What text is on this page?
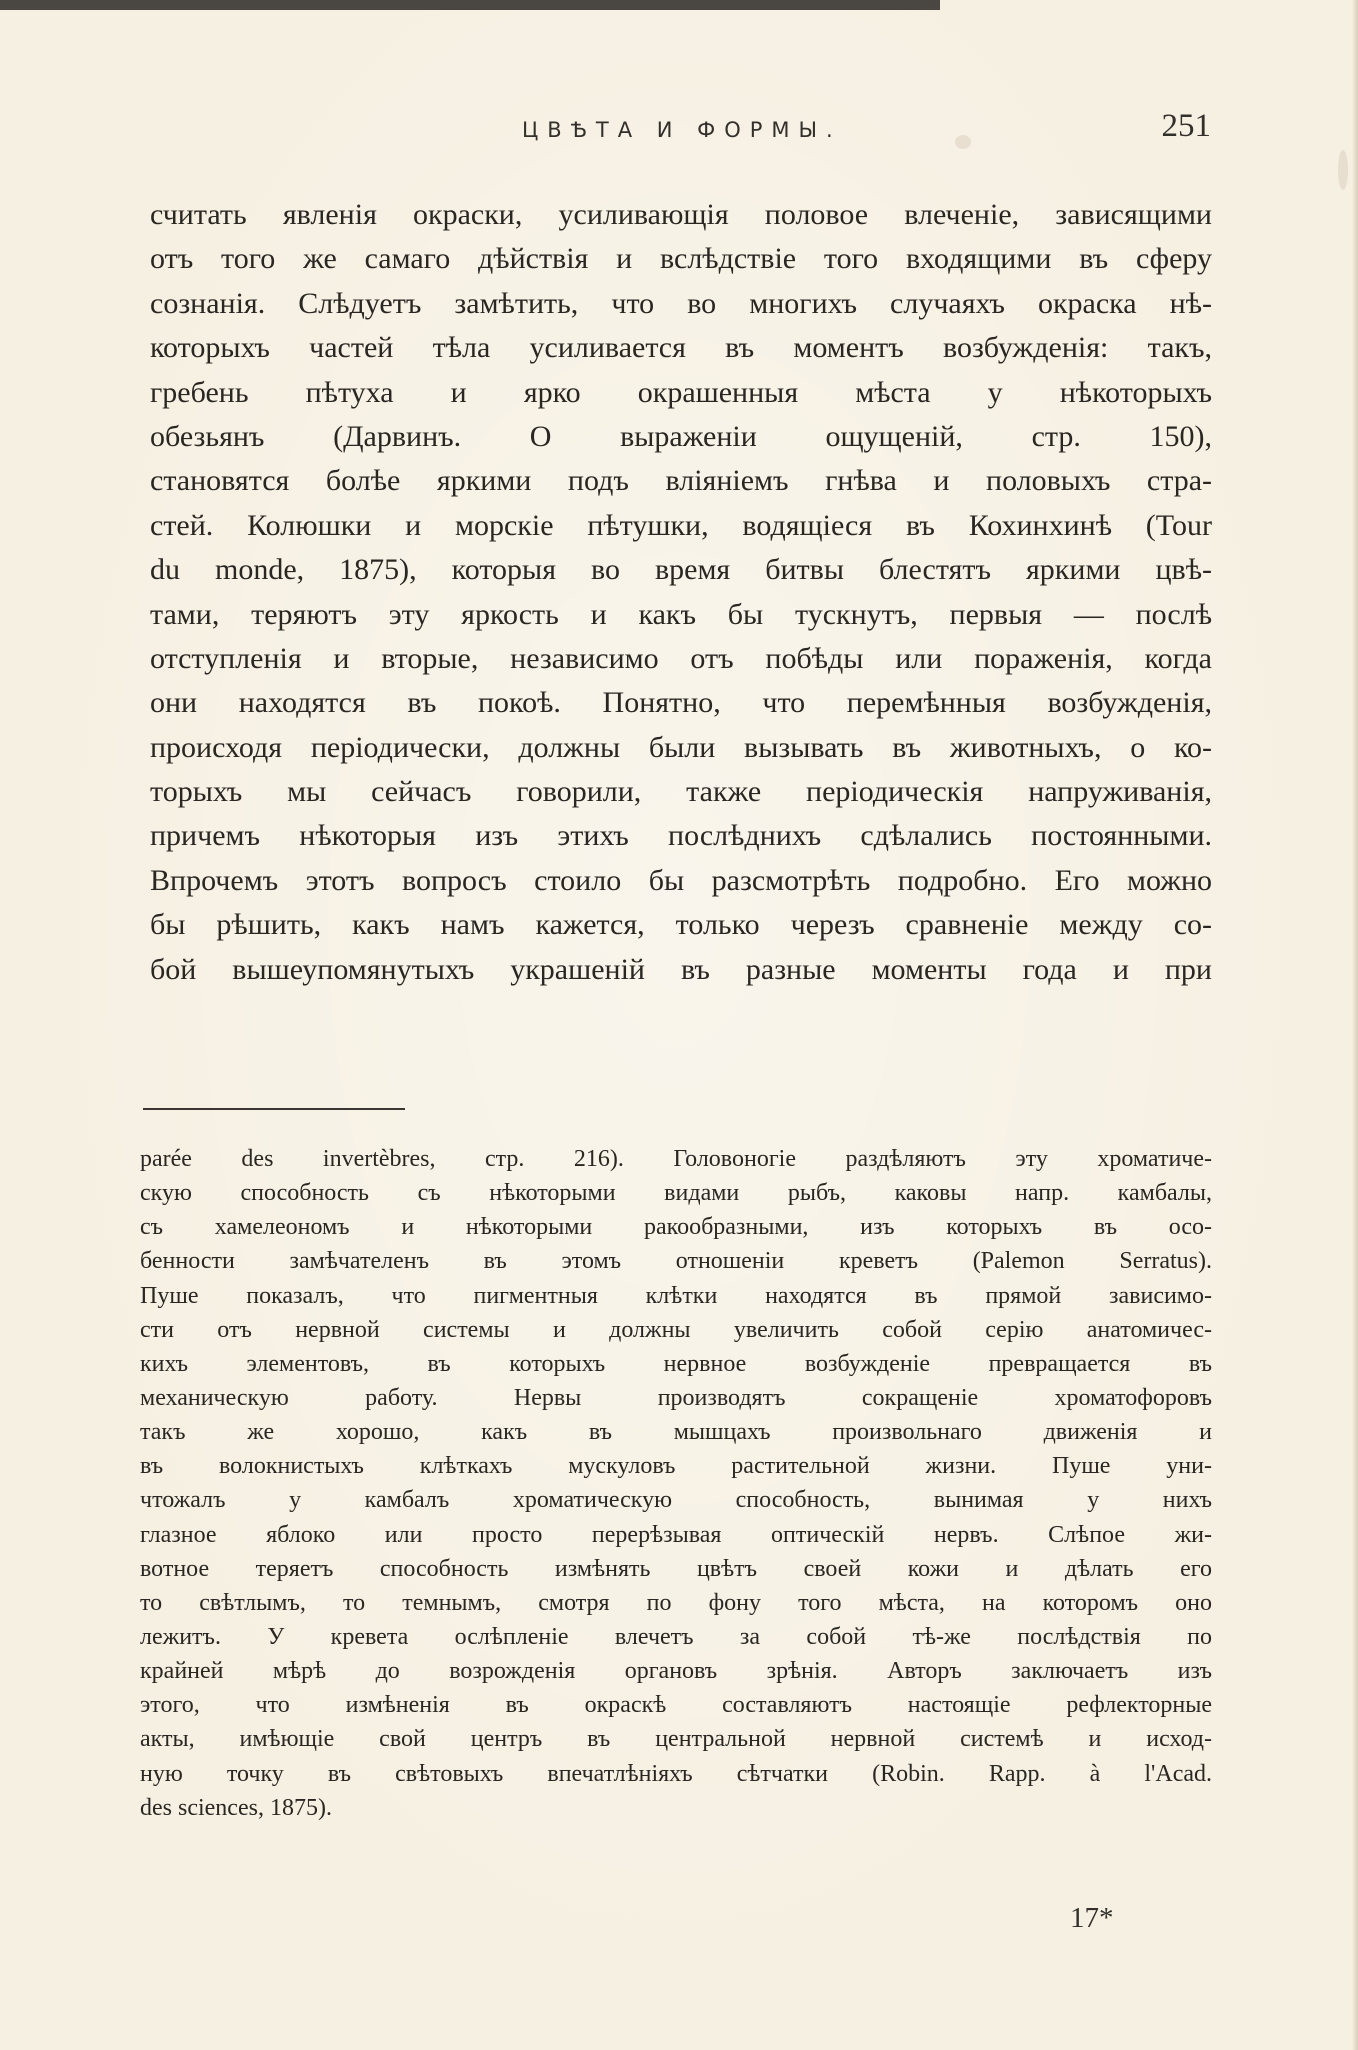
ЦВѢТА И ФОРМЫ.	251
считать явленія окраски, усиливающія половое влеченіе, зависящими
отъ того же самаго дѣйствія и вслѣдствіе того входящими въ сферу
сознанія. Слѣдуетъ замѣтить, что во многихъ случаяхъ окраска нѣ-
которыхъ частей тѣла усиливается въ моментъ возбужденія: такъ,
гребень пѣтуха и ярко окрашенныя мѣста у нѣкоторыхъ
обезьянъ (Дарвинъ. О выраженіи ощущеній, стр. 150),
становятся болѣе яркими подъ вліяніемъ гнѣва и половыхъ стра-
стей. Колюшки и морскіе пѣтушки, водящіеся въ Кохинхинѣ (Tour
du monde, 1875), которыя во время битвы блестятъ яркими цвѣ-
тами, теряютъ эту яркость и какъ бы тускнутъ, первыя — послѣ
отступленія и вторые, независимо отъ побѣды или пораженія, когда
они находятся въ покоѣ. Понятно, что перемѣнныя возбужденія,
происходя періодически, должны были вызывать въ животныхъ, о ко-
торыхъ мы сейчасъ говорили, также періодическія напруживанія,
причемъ нѣкоторыя изъ этихъ послѣднихъ сдѣлались постоянными.
Впрочемъ этотъ вопросъ стоило бы разсмотрѣть подробно. Его можно
бы рѣшить, какъ намъ кажется, только черезъ сравненіе между со-
бой вышеупомянутыхъ украшеній въ разные моменты года и при
parée des invertèbres, стр. 216). Головоногіе раздѣляютъ эту хроматиче-
скую способность съ нѣкоторыми видами рыбъ, каковы напр. камбалы,
съ хамелеономъ и нѣкоторыми ракообразными, изъ которыхъ въ осо-
бенности замѣчателенъ въ этомъ отношеніи креветъ (Palemon Serratus).
Пуше показалъ, что пигментныя клѣтки находятся въ прямой зависимо-
сти отъ нервной системы и должны увеличить собой серію анатомичес-
кихъ элементовъ, въ которыхъ нервное возбужденіе превращается въ
механическую работу. Нервы производятъ сокращеніе хроматофоровъ
такъ же хорошо, какъ въ мышцахъ произвольнаго движенія и
въ волокнистыхъ клѣткахъ мускуловъ растительной жизни. Пуше уни-
чтожалъ у камбалъ хроматическую способность, вынимая у нихъ
глазное яблоко или просто перерѣзывая оптическій нервъ. Слѣпое жи-
вотное теряетъ способность измѣнять цвѣтъ своей кожи и дѣлать его
то свѣтлымъ, то темнымъ, смотря по фону того мѣста, на которомъ оно
лежитъ. У кревета ослѣпленіе влечетъ за собой тѣ-же послѣдствія по
крайней мѣрѣ до возрожденія органовъ зрѣнія. Авторъ заключаетъ изъ
этого, что измѣненія въ окраскѣ составляютъ настоящіе рефлекторные
акты, имѣющіе свой центръ въ центральной нервной системѣ и исход-
ную точку въ свѣтовыхъ впечатлѣніяхъ сѣтчатки (Robin. Rapp. à l'Acad.
des sciences, 1875).
17*
